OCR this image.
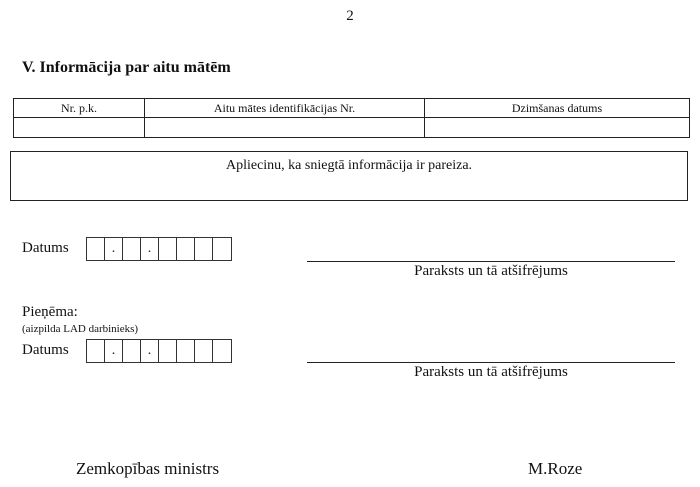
2
V. Informācija par aitu mātēm
Nr. p.k.	Aitu mātes identifikācijas Nr.	Dzimšanas datums

Apliecinu, ka sniegtā informācija ir pareiza.
Datums	.	.
Paraksts un tā atšifrējums
Pieņēma:
(aizpilda LAD darbinieks)
Datums	.	.
Paraksts un tā atšifrējums
Zemkopības ministrs	M.Roze
